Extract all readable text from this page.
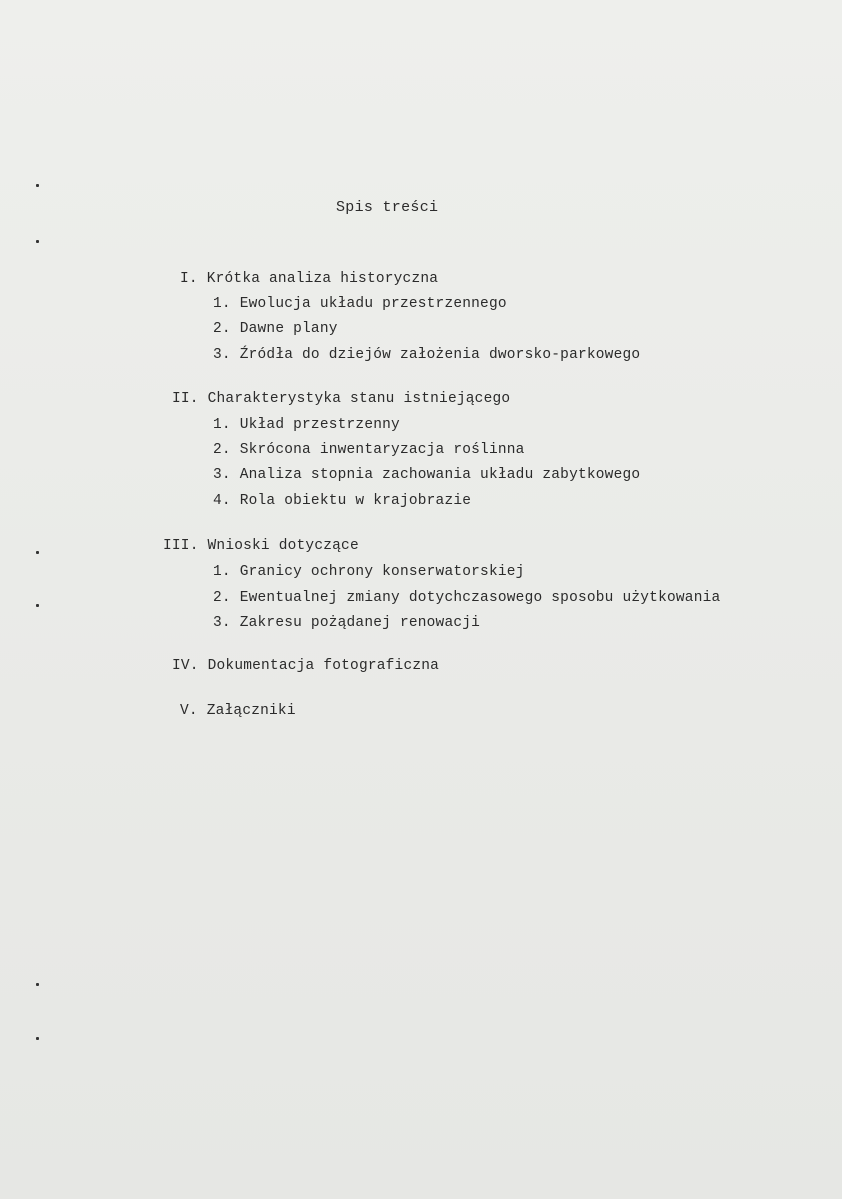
Spis treści
I. Krótka analiza historyczna
1. Ewolucja układu przestrzennego
2. Dawne plany
3. Źródła do dziejów założenia dworsko-parkowego
II. Charakterystyka stanu istniejącego
1. Układ przestrzenny
2. Skrócona inwentaryzacja roślinna
3. Analiza stopnia zachowania układu zabytkowego
4. Rola obiektu w krajobrazie
III. Wnioski dotyczące
1. Granicy ochrony konserwatorskiej
2. Ewentualnej zmiany dotychczasowego sposobu użytkowania
3. Zakresu pożądanej renowacji
IV. Dokumentacja fotograficzna
V. Załączniki
